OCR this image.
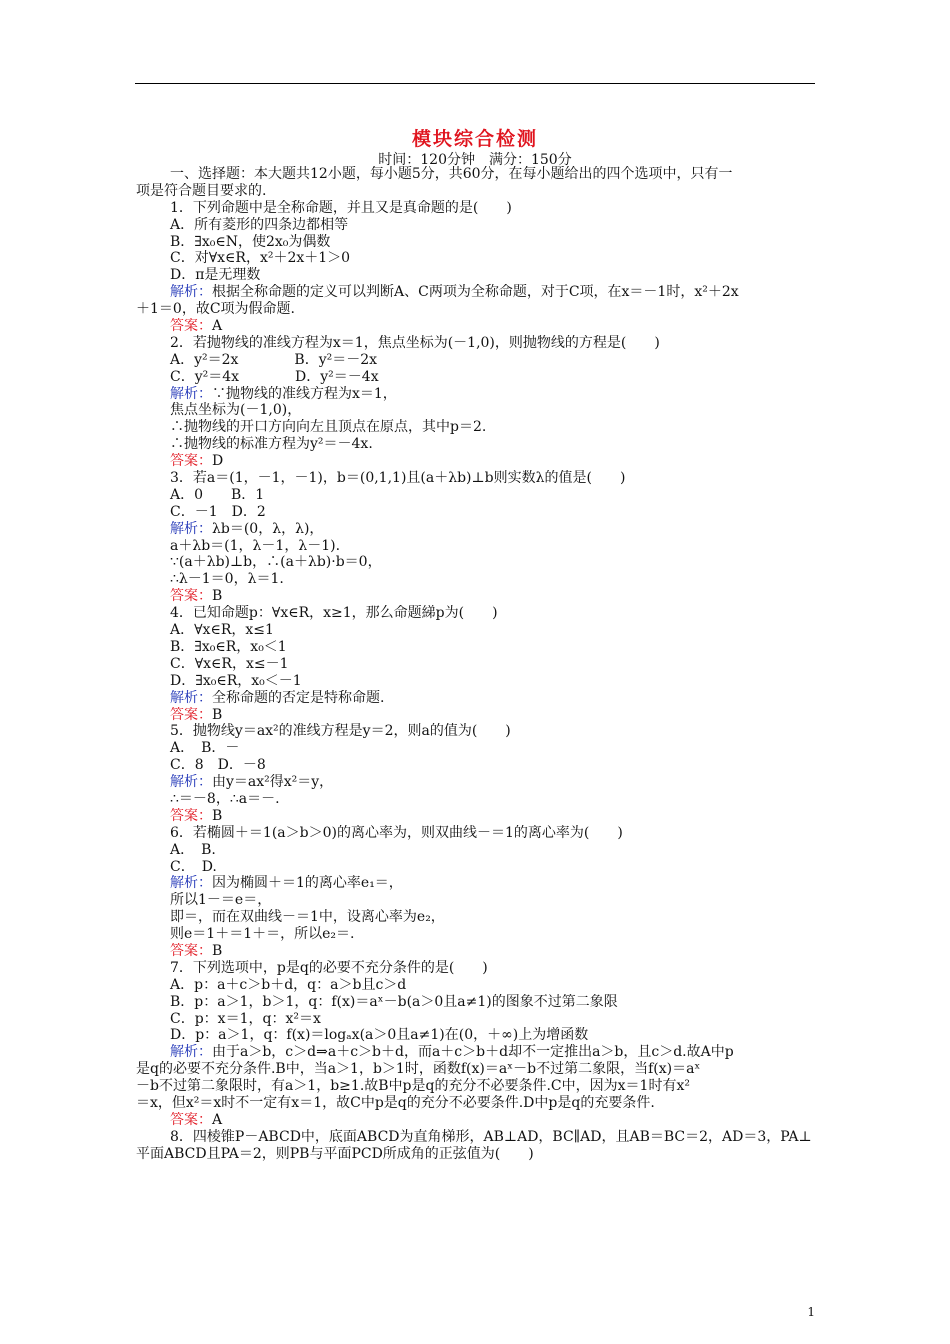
模块综合检测
时间：120分钟　满分：150分
一、选择题：本大题共12小题，每小题5分，共60分，在每小题给出的四个选项中，只有一
项是符合题目要求的.
1．下列命题中是全称命题，并且又是真命题的是(　　)
A．所有菱形的四条边都相等
B．∃x₀∈N，使2x₀为偶数
C．对∀x∈R，x²＋2x＋1＞0
D．π是无理数
解析：根据全称命题的定义可以判断A、C两项为全称命题，对于C项，在x＝－1时，x²＋2x
＋1＝0，故C项为假命题.
答案：A
2．若抛物线的准线方程为x＝1，焦点坐标为(－1,0)，则抛物线的方程是(　　)
A．y²＝2x　　　　B．y²＝－2x
C．y²＝4x　　　　D．y²＝－4x
解析：∵抛物线的准线方程为x＝1，
焦点坐标为(－1,0)，
∴抛物线的开口方向向左且顶点在原点，其中p＝2.
∴抛物线的标准方程为y²＝－4x.
答案：D
3．若a＝(1，－1，－1)，b＝(0,1,1)且(a＋λb)⊥b则实数λ的值是(　　)
A．0　　B．1
C．－1　D．2
解析：λb＝(0，λ，λ)，
a＋λb＝(1，λ－1，λ－1).
∵(a＋λb)⊥b，∴(a＋λb)·b＝0，
∴λ－1＝0，λ＝1.
答案：B
4．已知命题p：∀x∈R，x≥1，那么命题綈p为(　　)
A．∀x∈R，x≤1
B．∃x₀∈R，x₀＜1
C．∀x∈R，x≤－1
D．∃x₀∈R，x₀＜－1
解析：全称命题的否定是特称命题.
答案：B
5．抛物线y＝ax²的准线方程是y＝2，则a的值为(　　)
A．　B．－
C．8　D．－8
解析：由y＝ax²得x²＝y，
∴＝－8，∴a＝－.
答案：B
6．若椭圆＋＝1(a＞b＞0)的离心率为，则双曲线－＝1的离心率为(　　)
A．　B.
C．　D.
解析：因为椭圆＋＝1的离心率e₁＝，
所以1－＝e＝，
即＝，而在双曲线－＝1中，设离心率为e₂，
则e＝1＋＝1＋＝，所以e₂＝.
答案：B
7．下列选项中，p是q的必要不充分条件的是(　　)
A．p：a＋c＞b＋d，q：a＞b且c＞d
B．p：a＞1，b＞1，q：f(x)＝aˣ－b(a＞0且a≠1)的图象不过第二象限
C．p：x＝1，q：x²＝x
D．p：a＞1，q：f(x)＝logₐx(a＞0且a≠1)在(0，＋∞)上为增函数
解析：由于a＞b，c＞d⇒a＋c＞b＋d，而a＋c＞b＋d却不一定推出a＞b，且c＞d.故A中p
是q的必要不充分条件.B中，当a＞1，b＞1时，函数f(x)＝aˣ－b不过第二象限，当f(x)＝aˣ
－b不过第二象限时，有a＞1，b≥1.故B中p是q的充分不必要条件.C中，因为x＝1时有x²
＝x，但x²＝x时不一定有x＝1，故C中p是q的充分不必要条件.D中p是q的充要条件.
答案：A
8．四棱锥P－ABCD中，底面ABCD为直角梯形，AB⊥AD，BC∥AD，且AB＝BC＝2，AD＝3，PA⊥
平面ABCD且PA＝2，则PB与平面PCD所成角的正弦值为(　　)
1
